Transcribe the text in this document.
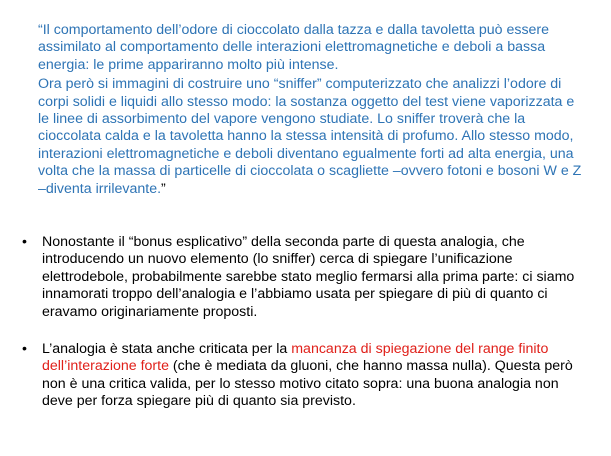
“Il comportamento dell’odore di cioccolato dalla tazza e dalla tavoletta può essere assimilato al comportamento delle interazioni elettromagnetiche e deboli a bassa energia: le prime appariranno molto più intense.

Ora però si immagini di costruire uno “sniffer” computerizzato che analizzi l’odore di corpi solidi e liquidi allo stesso modo: la sostanza oggetto del test viene vaporizzata e le linee di assorbimento del vapore vengono studiate. Lo sniffer troverà che la cioccolata calda e la tavoletta hanno la stessa intensità di profumo. Allo stesso modo, interazioni elettromagnetiche e deboli diventano egualmente forti ad alta energia, una volta che la massa di particelle di cioccolata o scagliette –ovvero fotoni e bosoni W e Z –diventa irrilevante.”

• Nonostante il “bonus esplicativo” della seconda parte di questa analogia, che introducendo un nuovo elemento (lo sniffer) cerca di spiegare l’unificazione elettrodebole, probabilmente sarebbe stato meglio fermarsi alla prima parte: ci siamo innamorati troppo dell’analogia e l’abbiamo usata per spiegare di più di quanto ci eravamo originariamente proposti.
• L’analogia è stata anche criticata per la mancanza di spiegazione del range finito dell’interazione forte (che è mediata da gluoni, che hanno massa nulla). Questa però non è una critica valida, per lo stesso motivo citato sopra: una buona analogia non deve per forza spiegare più di quanto sia previsto.
